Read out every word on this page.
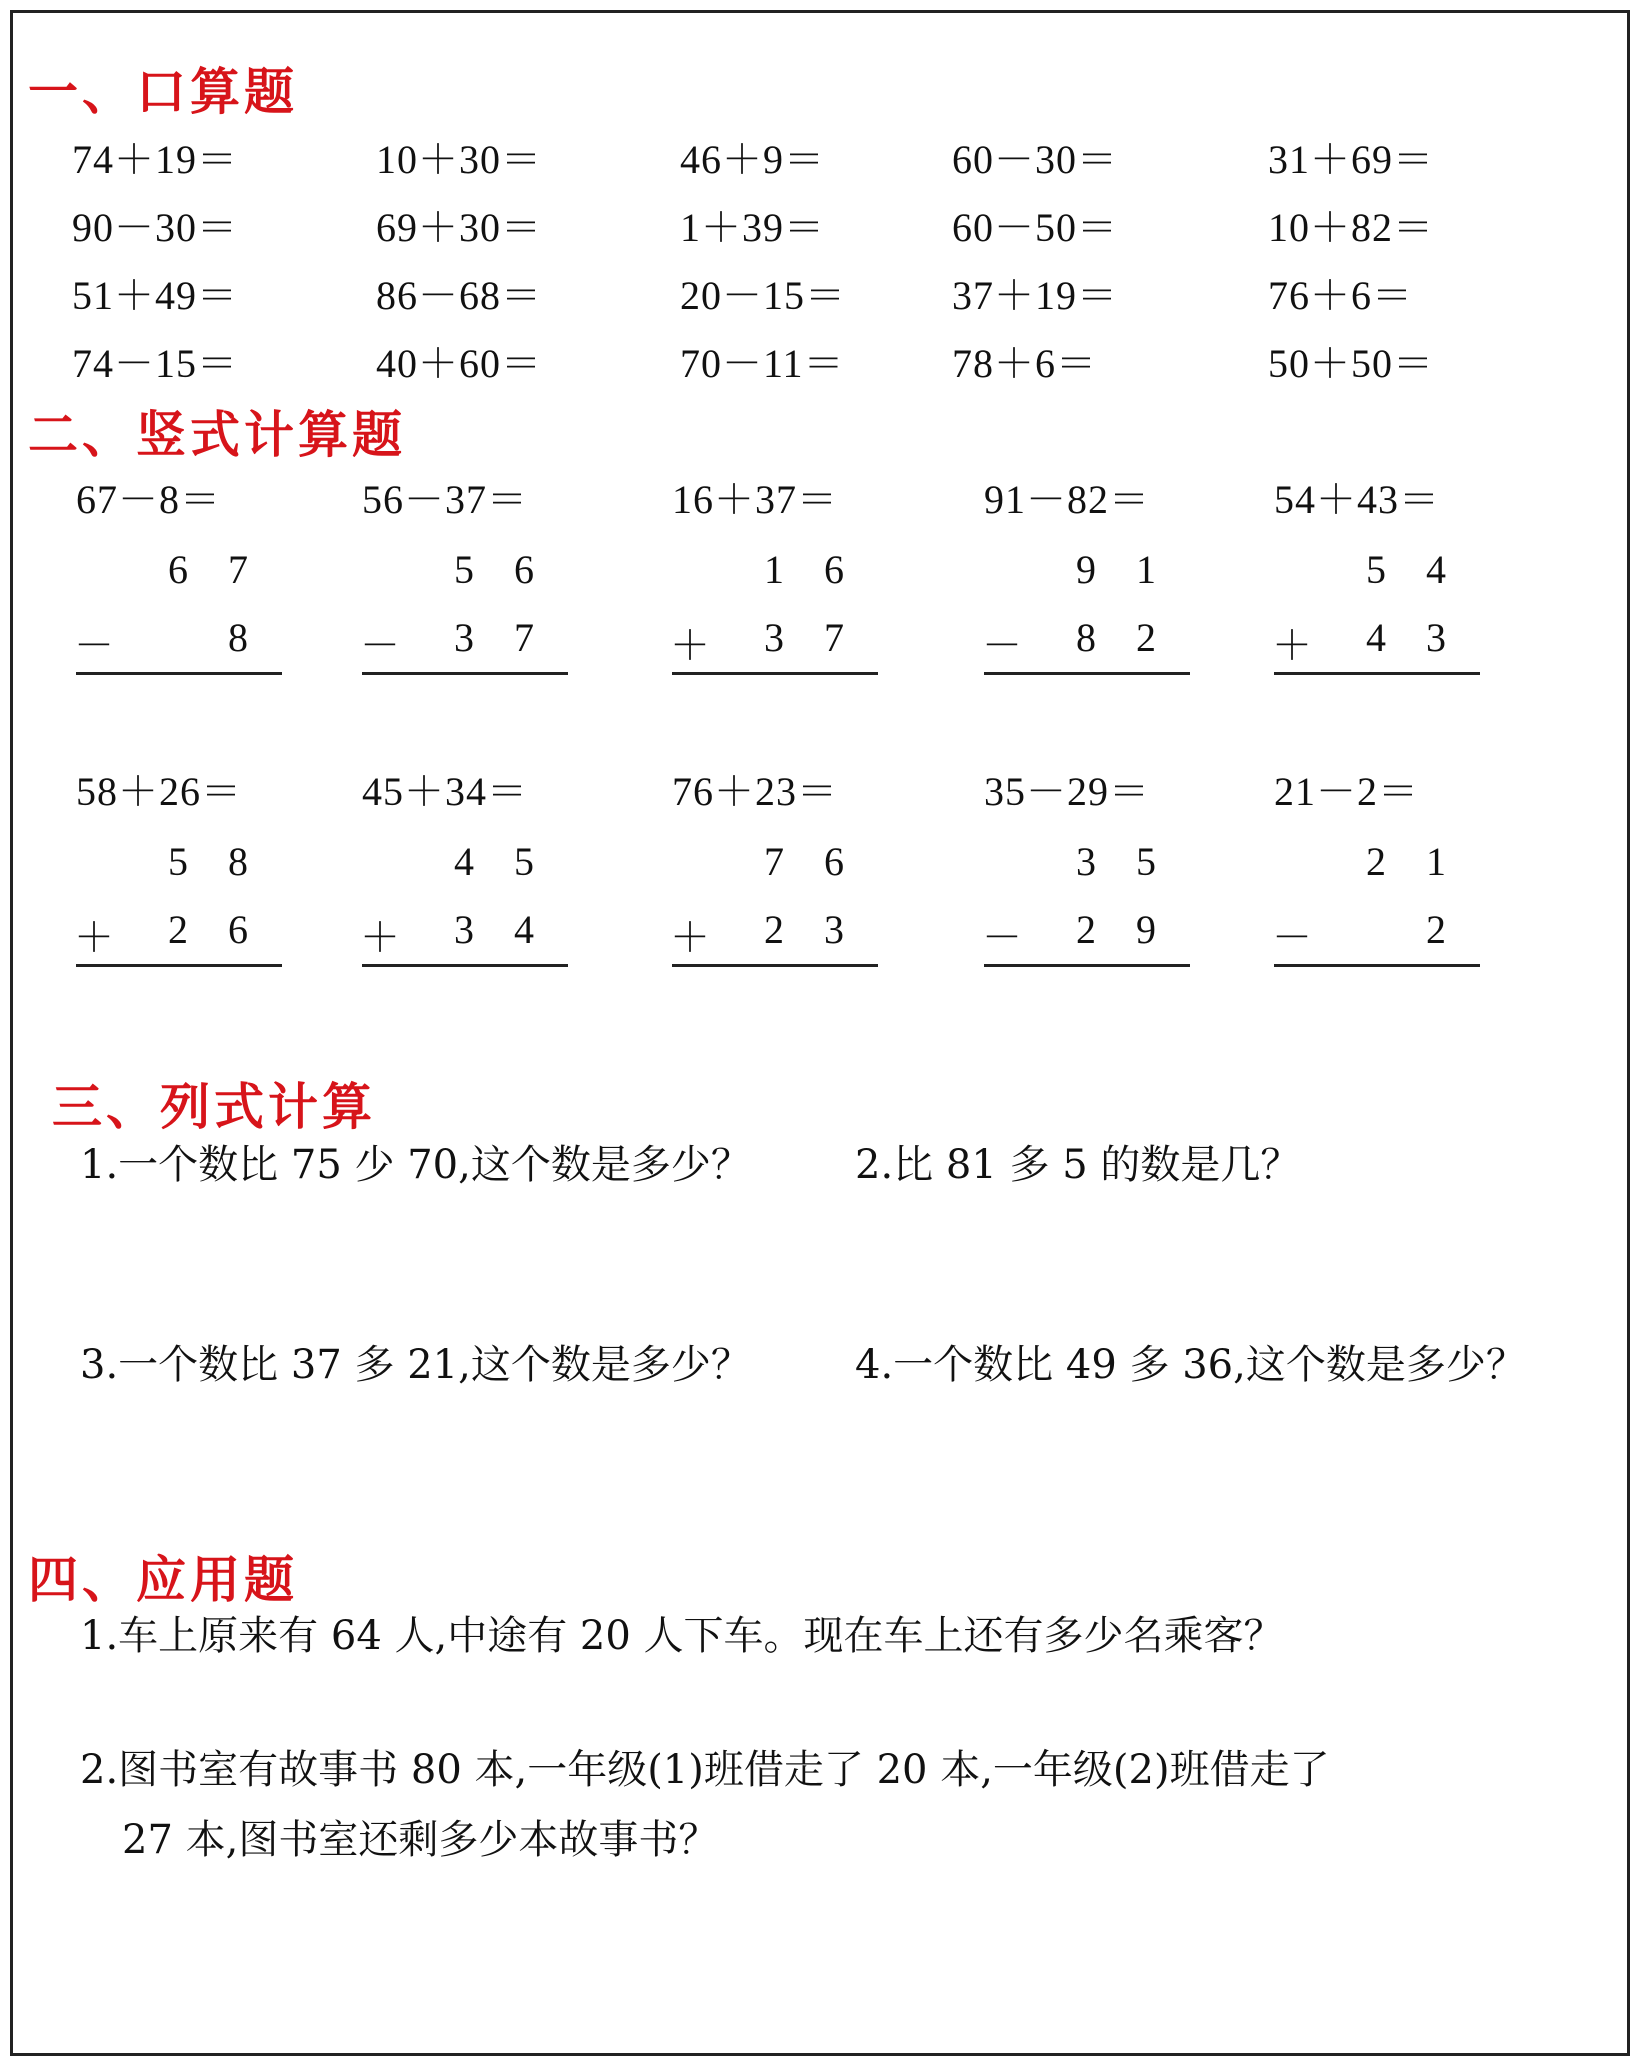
一、口算题
74＋19＝	10＋30＝	46＋9＝	60－30＝	31＋69＝
90－30＝	69＋30＝	1＋39＝	60－50＝	10＋82＝
51＋49＝	86－68＝	20－15＝	37＋19＝	76＋6＝
74－15＝	40＋60＝	70－11＝	78＋6＝	50＋50＝
二、竖式计算题
67－8＝
6 7
－	8
56－37＝
5 6
－ 3 7
16＋37＝
1 6
＋ 3 7
91－82＝
9 1
－ 8 2
54＋43＝
5 4
＋ 4 3
58＋26＝
5 8
＋ 2 6
45＋34＝
4 5
＋ 3 4
76＋23＝
7 6
＋ 2 3
35－29＝
3 5
－ 2 9
21－2＝
2 1
－	2
三、列式计算
1.一个数比 75 少 70,这个数是多少？	2.比 81 多 5 的数是几？
3.一个数比 37 多 21,这个数是多少？	4.一个数比 49 多 36,这个数是多少？
四、应用题
1.车上原来有 64 人,中途有 20 人下车。现在车上还有多少名乘客？
2.图书室有故事书 80 本,一年级(1)班借走了 20 本,一年级(2)班借走了
27 本,图书室还剩多少本故事书？
